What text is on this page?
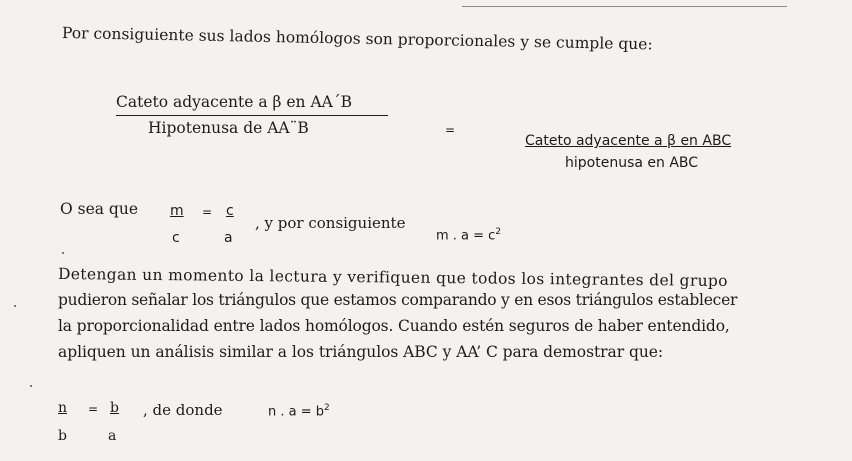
Por consiguiente sus lados homólogos son proporcionales y se cumple que:
Cateto adyacente a β en AA´B
Hipotenusa de AA¨B	=
Cateto adyacente a β en ABC
hipotenusa en ABC
O sea que m
c
= c
a
, y por consiguiente
m . $a = c^2$
Detengan un momento la lectura y verifiquen que todos los integrantes del grupo
pudieron señalar los triángulos que estamos comparando y en esos triángulos establecer
la proporcionalidad entre lados homólogos. Cuando estén seguros de haber entendido,
apliquen un análisis similar a los triángulos ABC y AA’ C para demostrar que:
n
b
= b
a
, de donde	n . $a = b^2$
